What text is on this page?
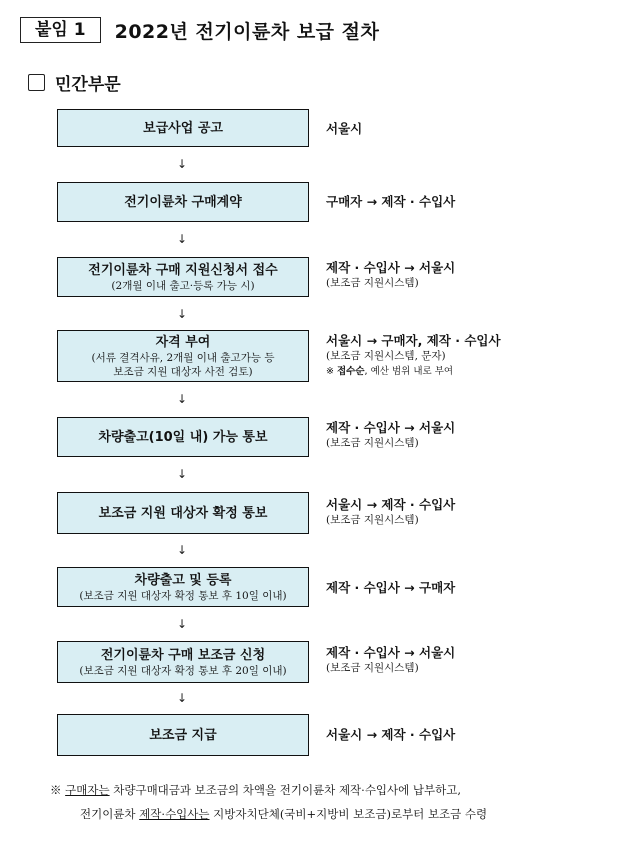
붙임 1	2022년 전기이륜차 보급 절차
민간부문
보급사업 공고	서울시
↓
전기이륜차 구매계약	구매자 → 제작 · 수입사
↓
전기이륜차 구매 지원신청서 접수
(2개월 이내 출고·등록 가능 시)
제작 · 수입사 → 서울시
(보조금 지원시스템)
↓
자격 부여
(서류 결격사유, 2개월 이내 출고가능 등
보조금 지원 대상자 사전 검토)
서울시 → 구매자, 제작 · 수입사
(보조금 지원시스템, 문자)
※ 접수순, 예산 범위 내로 부여
↓
차량출고(10일 내) 가능 통보
제작 · 수입사 → 서울시
(보조금 지원시스템)
↓
보조금 지원 대상자 확정 통보
서울시 → 제작 · 수입사
(보조금 지원시스템)
↓
차량출고 및 등록
(보조금 지원 대상자 확정 통보 후 10일 이내)
제작 · 수입사 → 구매자
↓
전기이륜차 구매 보조금 신청
(보조금 지원 대상자 확정 통보 후 20일 이내)
제작 · 수입사 → 서울시
(보조금 지원시스템)
↓
보조금 지급	서울시 → 제작 · 수입사
※ 구매자는 차량구매대금과 보조금의 차액을 전기이륜차 제작·수입사에 납부하고,
전기이륜차 제작·수입사는 지방자치단체(국비+지방비 보조금)로부터 보조금 수령
